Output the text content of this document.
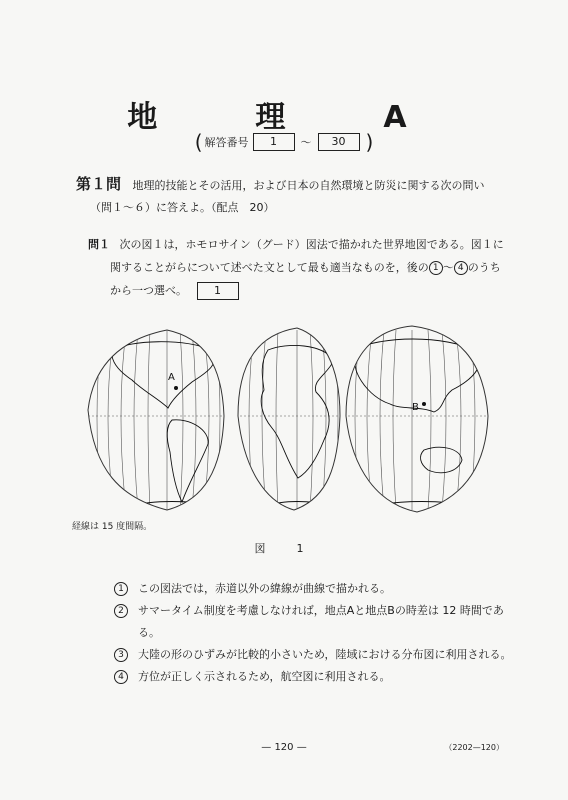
地　理　A
( 解答番号	1	～	30	)
第１問 地理的技能とその活用，および日本の自然環境と防災に関する次の問い
（問１～６）に答えよ。（配点　20）
問１ 次の図１は，ホモロサイン（グード）図法で描かれた世界地図である。図１に
関することがらについて述べた文として最も適当なものを，後の 1 ～ 4 のうち
から一つ選べ。 1
A
B
経線は 15 度間隔。
図　1
1	この図法では，赤道以外の緯線が曲線で描かれる。
2	サマータイム制度を考慮しなければ，地点Aと地点Bの時差は 12 時間である。
3	大陸の形のひずみが比較的小さいため，陸域における分布図に利用される。
4	方位が正しく示されるため，航空図に利用される。
— 120 —	（2202—120）
